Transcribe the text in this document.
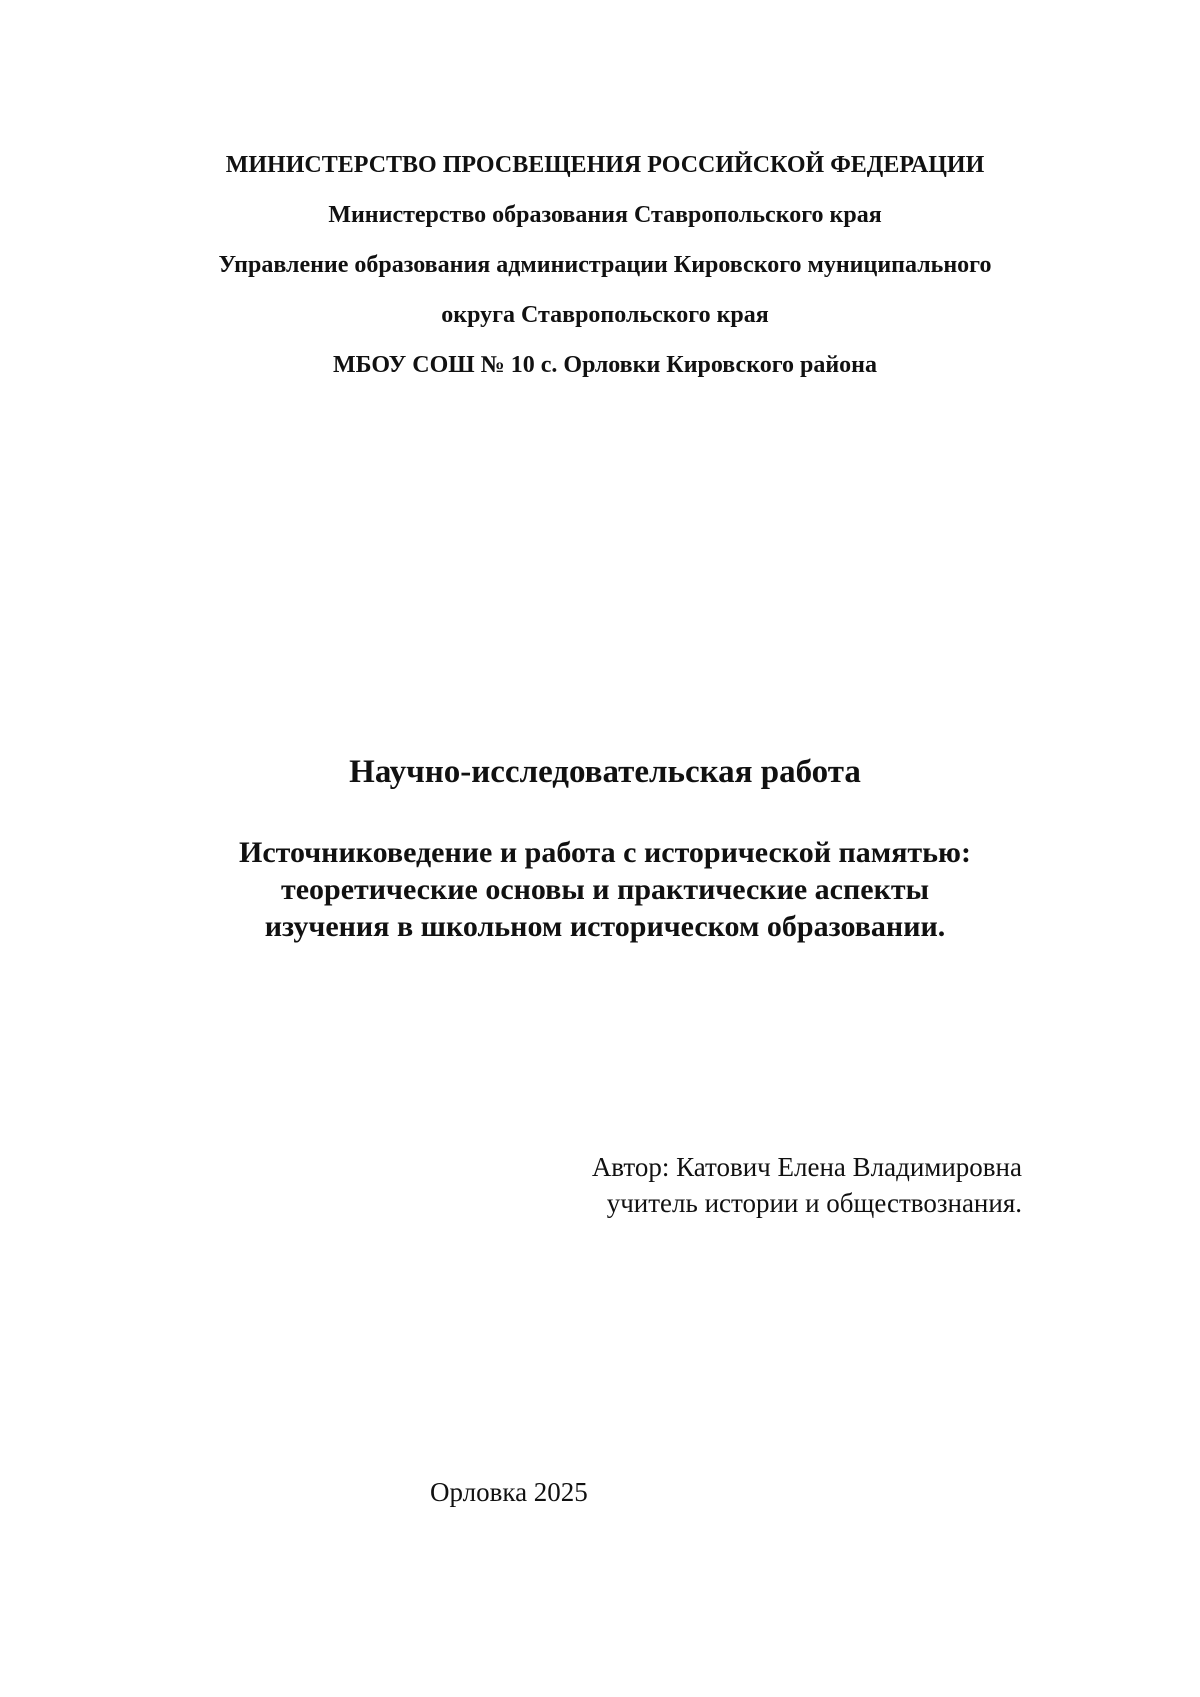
МИНИСТЕРСТВО ПРОСВЕЩЕНИЯ РОССИЙСКОЙ ФЕДЕРАЦИИ
Министерство образования Ставропольского края
Управление образования администрации Кировского муниципального
округа Ставропольского края
МБОУ СОШ № 10 с. Орловки Кировского района
Научно-исследовательская работа
Источниковедение и работа с исторической памятью:
теоретические основы и практические аспекты
изучения в школьном историческом образовании.
Автор: Катович Елена Владимировна
учитель истории и обществознания.
Орловка 2025
